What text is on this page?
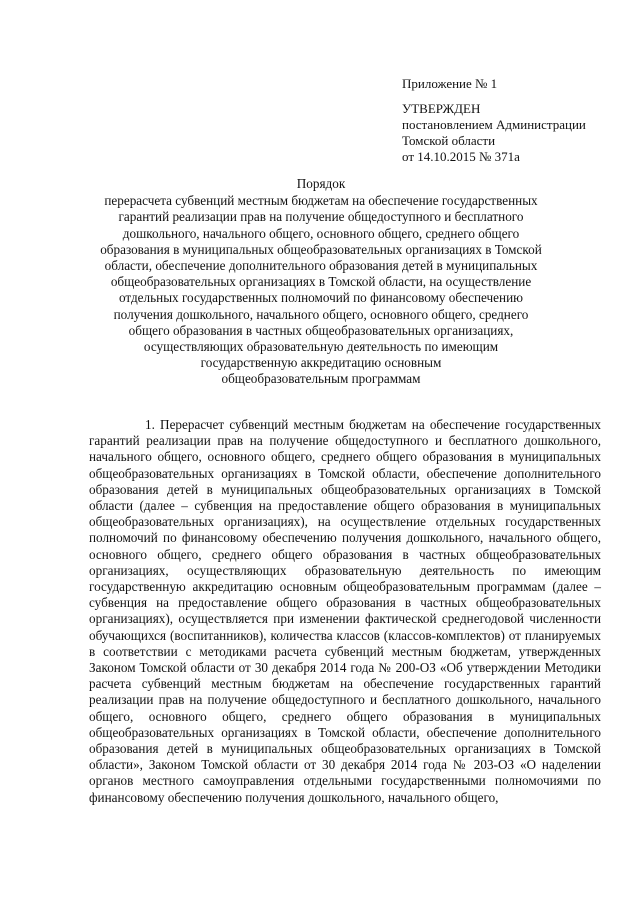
Приложение № 1
УТВЕРЖДЕН
постановлением Администрации
Томской области
от 14.10.2015 № 371а
Порядок
перерасчета субвенций местным бюджетам на обеспечение государственных
гарантий реализации прав на получение общедоступного и бесплатного
дошкольного, начального общего, основного общего, среднего общего
образования в муниципальных общеобразовательных организациях в Томской
области, обеспечение дополнительного образования детей в муниципальных
общеобразовательных организациях в Томской области, на осуществление
отдельных государственных полномочий по финансовому обеспечению
получения дошкольного, начального общего, основного общего, среднего
общего образования в частных общеобразовательных организациях,
осуществляющих образовательную деятельность по имеющим
государственную аккредитацию основным
общеобразовательным программам

1. Перерасчет субвенций местным бюджетам на обеспечение государственных гарантий реализации прав на получение общедоступного и бесплатного дошкольного, начального общего, основного общего, среднего общего образования в муниципальных общеобразовательных организациях в Томской области, обеспечение дополнительного образования детей в муниципальных общеобразовательных организациях в Томской области (далее – субвенция на предоставление общего образования в муниципальных общеобразовательных организациях), на осуществление отдельных государственных полномочий по финансовому обеспечению получения дошкольного, начального общего, основного общего, среднего общего образования в частных общеобразовательных организациях, осуществляющих образовательную деятельность по имеющим государственную аккредитацию основным общеобразовательным программам (далее – субвенция на предоставление общего образования в частных общеобразовательных организациях), осуществляется при изменении фактической среднегодовой численности обучающихся (воспитанников), количества классов (классов-комплектов) от планируемых в соответствии с методиками расчета субвенций местным бюджетам, утвержденных Законом Томской области от 30 декабря 2014 года № 200-ОЗ «Об утверждении Методики расчета субвенций местным бюджетам на обеспечение государственных гарантий реализации прав на получение общедоступного и бесплатного дошкольного, начального общего, основного общего, среднего общего образования в муниципальных общеобразовательных организациях в Томской области, обеспечение дополнительного образования детей в муниципальных общеобразовательных организациях в Томской области», Законом Томской области от 30 декабря 2014 года № 203-ОЗ «О наделении органов местного самоуправления отдельными государственными полномочиями по финансовому обеспечению получения дошкольного, начального общего,
